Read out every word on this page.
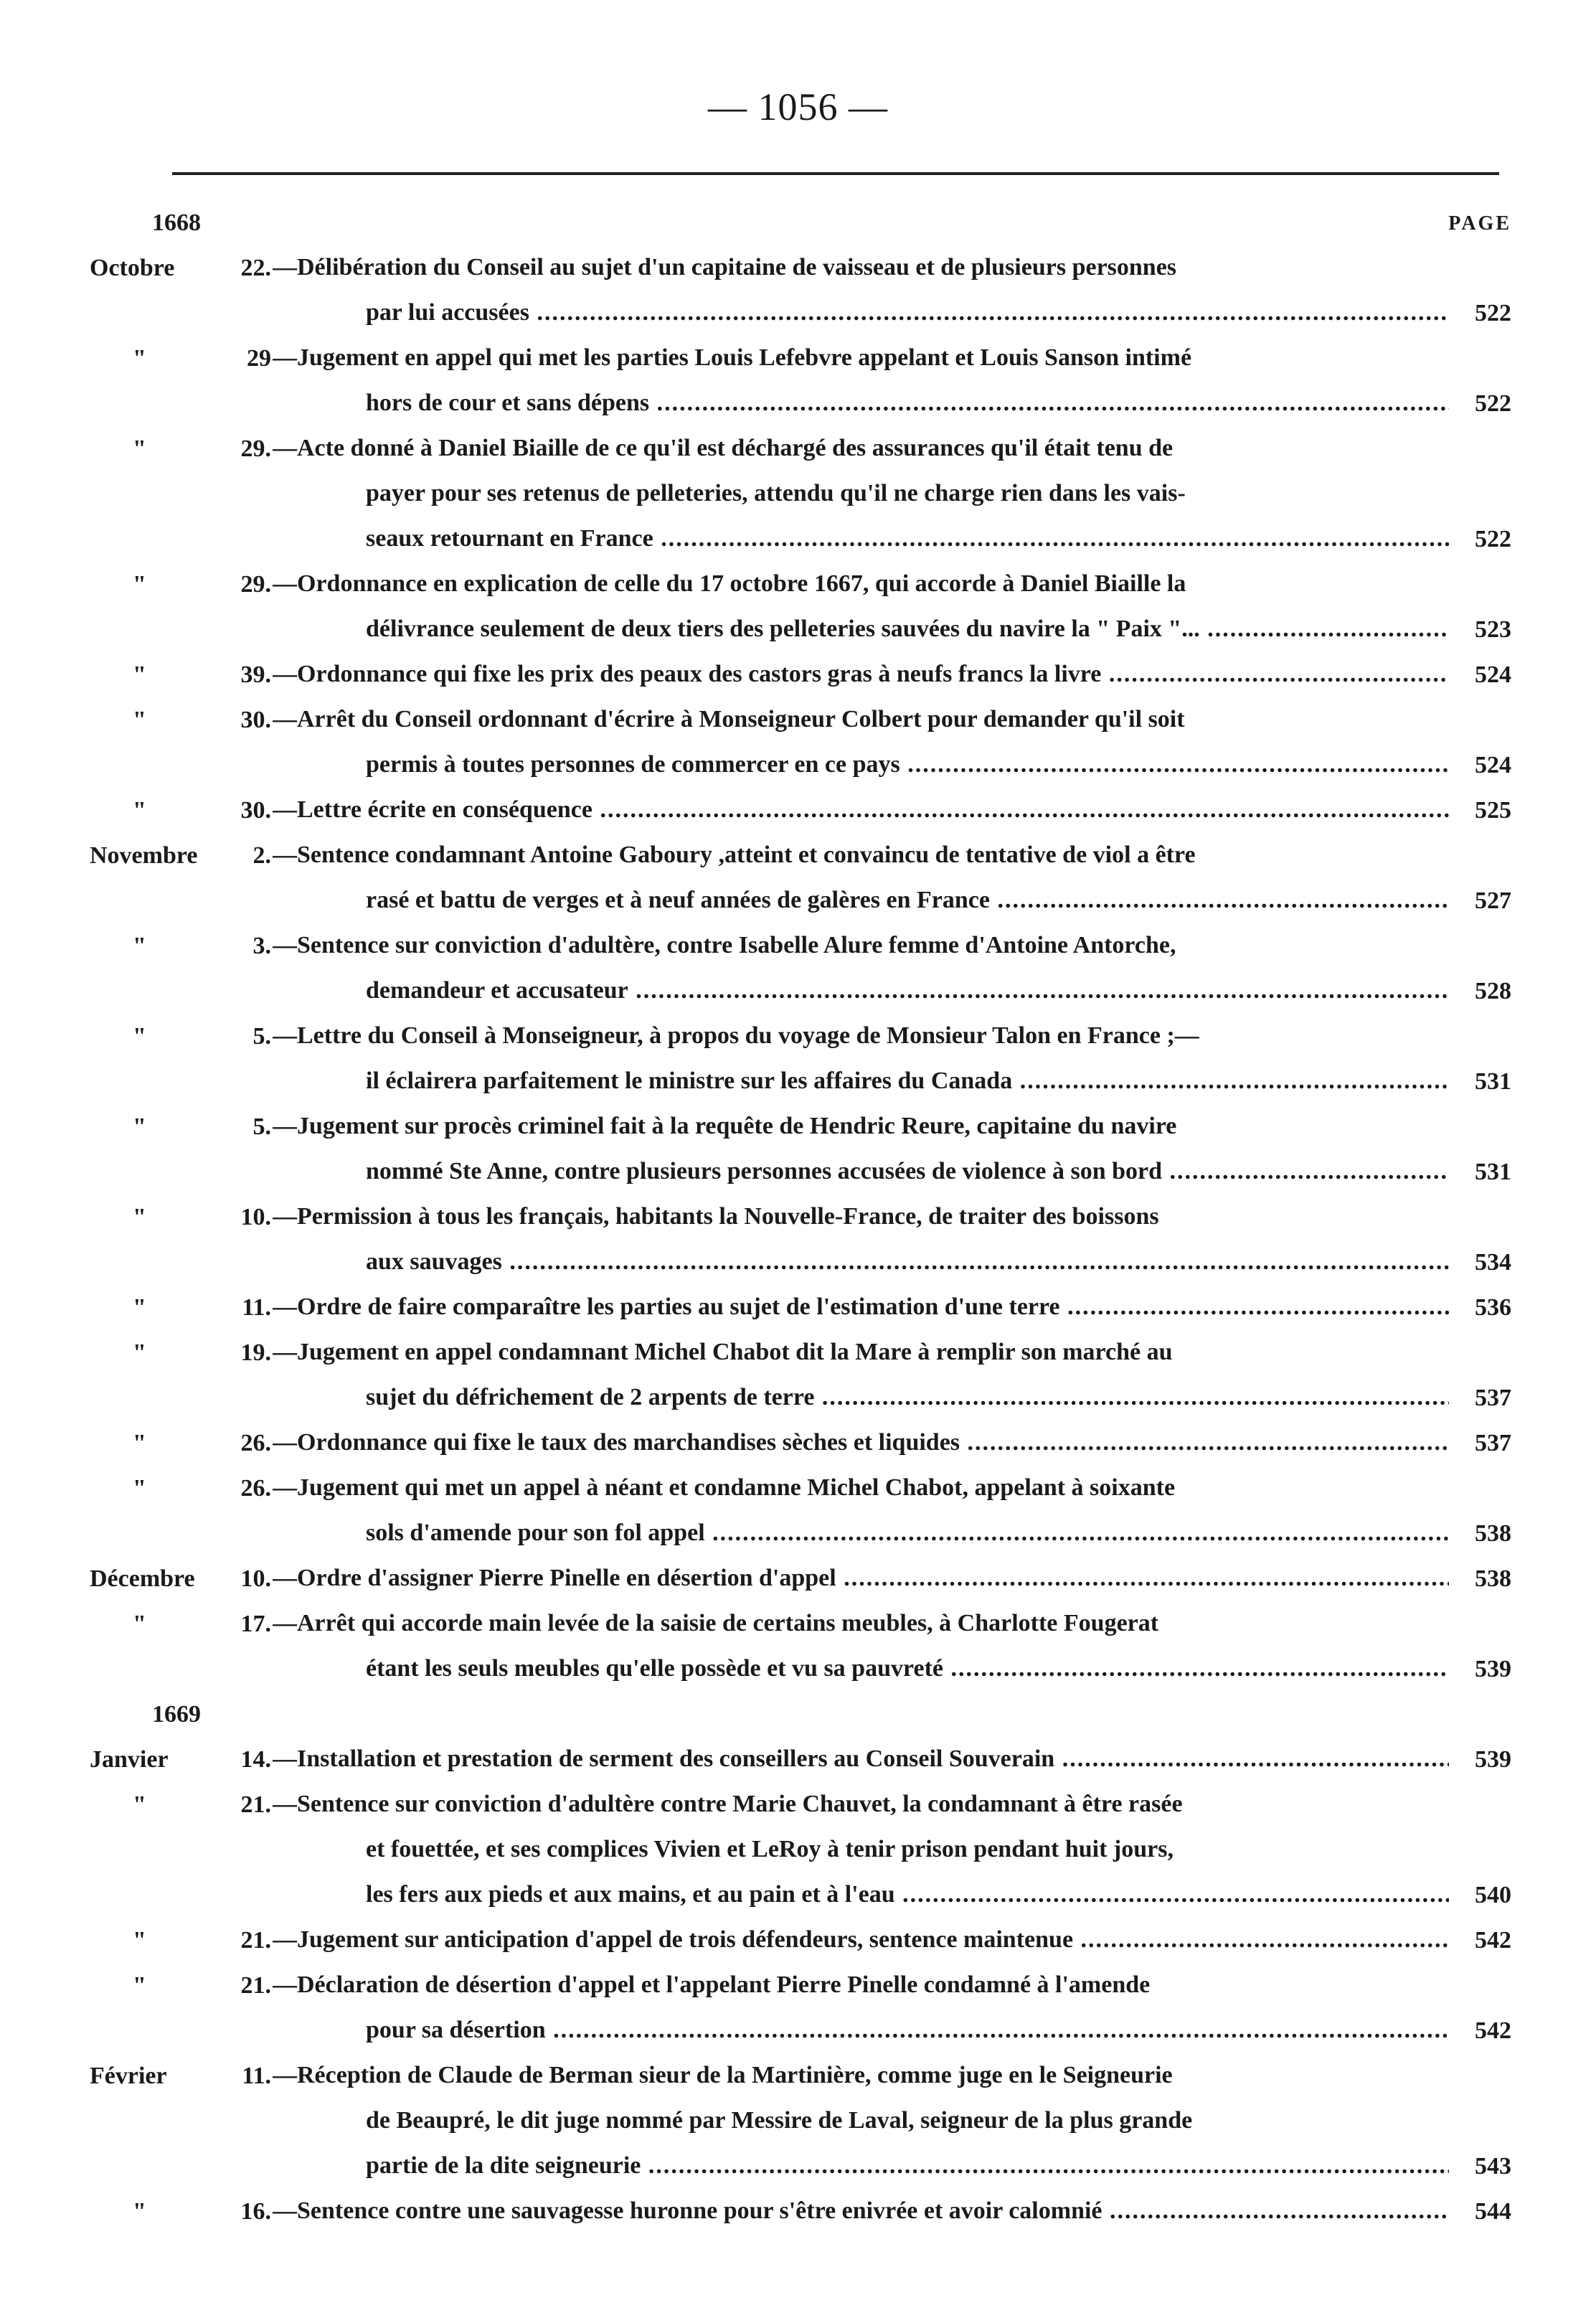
— 1056 —
1668	PAGE
Octobre	22. —Délibération du Conseil au sujet d'un capitaine de vaisseau et de plusieurs personnes
par lui accusées .....	522
"	29 —Jugement en appel qui met les parties Louis Lefebvre appelant et Louis Sanson intimé
hors de cour et sans dépens .....	522
"	29. —Acte donné à Daniel Biaille de ce qu'il est déchargé des assurances qu'il était tenu de
payer pour ses retenus de pelleteries, attendu qu'il ne charge rien dans les vais-
seaux retournant en France .....	522
"	29. —Ordonnance en explication de celle du 17 octobre 1667, qui accorde à Daniel Biaille la
délivrance seulement de deux tiers des pelleteries sauvées du navire la " Paix "... .....	523
"	39. —Ordonnance qui fixe les prix des peaux des castors gras à neufs francs la livre .....	524
"	30. —Arrêt du Conseil ordonnant d'écrire à Monseigneur Colbert pour demander qu'il soit
permis à toutes personnes de commercer en ce pays .....	524
"	30. —Lettre écrite en conséquence .....	525
Novembre	2. —Sentence condamnant Antoine Gaboury ,atteint et convaincu de tentative de viol a être
rasé et battu de verges et à neuf années de galères en France .....	527
"	3. —Sentence sur conviction d'adultère, contre Isabelle Alure femme d'Antoine Antorche,
demandeur et accusateur .....	528
"	5. —Lettre du Conseil à Monseigneur, à propos du voyage de Monsieur Talon en France ;—
il éclairera parfaitement le ministre sur les affaires du Canada .....	531
"	5. —Jugement sur procès criminel fait à la requête de Hendric Reure, capitaine du navire
nommé Ste Anne, contre plusieurs personnes accusées de violence à son bord .....	531
"	10. —Permission à tous les français, habitants la Nouvelle-France, de traiter des boissons
aux sauvages .....	534
"	11. —Ordre de faire comparaître les parties au sujet de l'estimation d'une terre .....	536
"	19. —Jugement en appel condamnant Michel Chabot dit la Mare à remplir son marché au
sujet du défrichement de 2 arpents de terre .....	537
"	26. —Ordonnance qui fixe le taux des marchandises sèches et liquides .....	537
"	26. —Jugement qui met un appel à néant et condamne Michel Chabot, appelant à soixante
sols d'amende pour son fol appel .....	538
Décembre	10. —Ordre d'assigner Pierre Pinelle en désertion d'appel .....	538
"	17. —Arrêt qui accorde main levée de la saisie de certains meubles, à Charlotte Fougerat
étant les seuls meubles qu'elle possède et vu sa pauvreté .....	539
1669
Janvier	14. —Installation et prestation de serment des conseillers au Conseil Souverain .....	539
"	21. —Sentence sur conviction d'adultère contre Marie Chauvet, la condamnant à être rasée
et fouettée, et ses complices Vivien et LeRoy à tenir prison pendant huit jours,
les fers aux pieds et aux mains, et au pain et à l'eau .....	540
"	21. —Jugement sur anticipation d'appel de trois défendeurs, sentence maintenue .....	542
"	21. —Déclaration de désertion d'appel et l'appelant Pierre Pinelle condamné à l'amende
pour sa désertion .....	542
Février	11. —Réception de Claude de Berman sieur de la Martinière, comme juge en le Seigneurie
de Beaupré, le dit juge nommé par Messire de Laval, seigneur de la plus grande
partie de la dite seigneurie .....	543
"	16. —Sentence contre une sauvagesse huronne pour s'être enivrée et avoir calomnié .....	544
